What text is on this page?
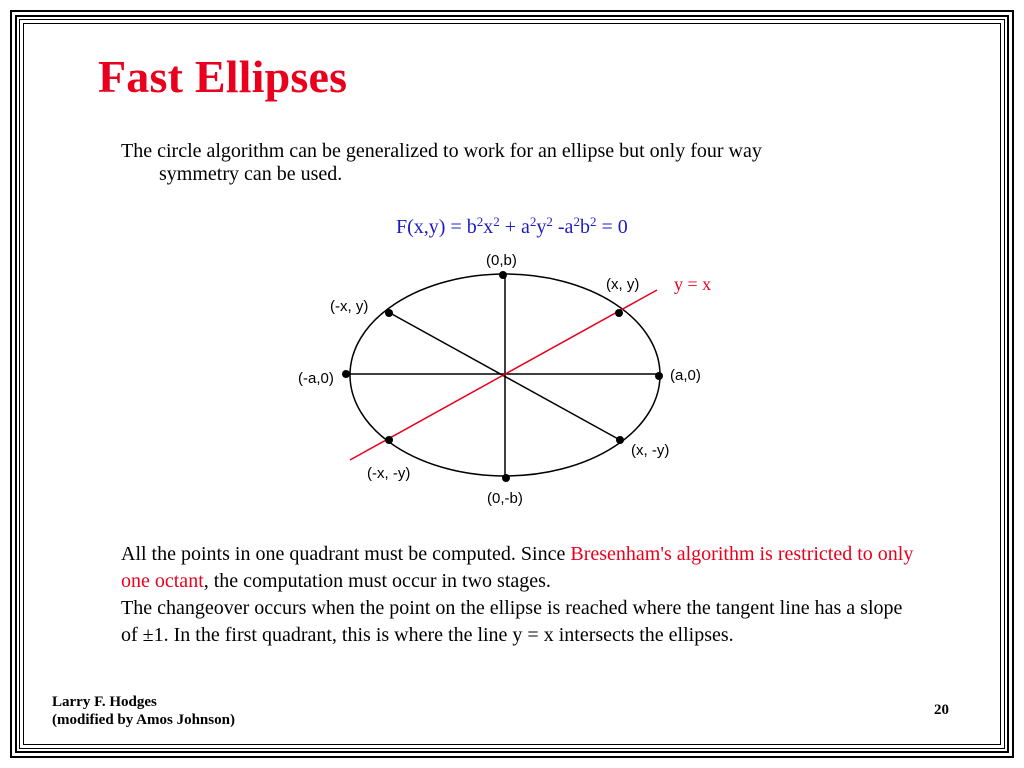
Fast Ellipses
The circle algorithm can be generalized to work for an ellipse but only four way
symmetry can be used.
$F(x,y) = b^2x^2 + a^2y^2$ $-a^2b^2 = 0$
(0,b)
(0,-b)
(a,0)
(-a,0)
(x, y)
(-x, y)
(x, -y)
(-x, -y)
y = x
All the points in one quadrant must be computed. Since Bresenham's algorithm is restricted to only one octant, the computation must occur in two stages.
The changeover occurs when the point on the ellipse is reached where the tangent line has a slope of ±1. In the first quadrant, this is where the line y = x intersects the ellipses.
Larry F. Hodges
(modified by Amos Johnson)
20
